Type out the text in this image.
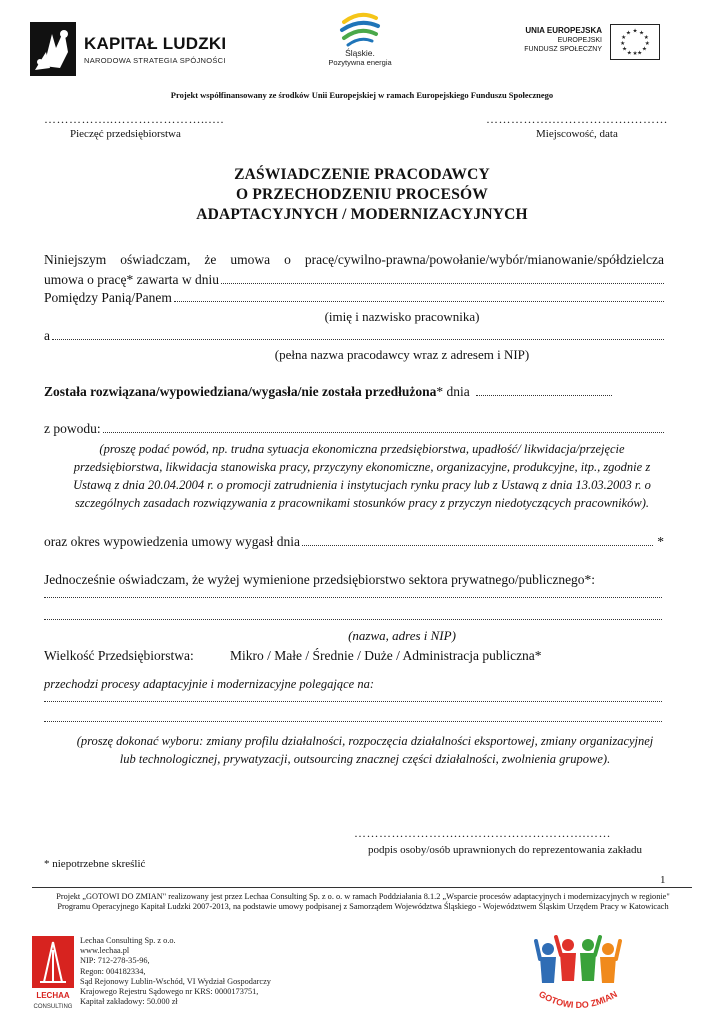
KAPITAŁ LUDZKI
NARODOWA STRATEGIA SPÓJNOŚCI
Śląskie.
Pozytywna energia
UNIA EUROPEJSKA
EUROPEJSKI
FUNDUSZ SPOŁECZNY
★ ★
★
★
★
★
★
★
★
★
★
★
Projekt współfinansowany ze środków Unii Europejskiej w ramach Europejskiego Funduszu Społecznego
……………..…………………..….
Pieczęć przedsiębiorstwa
…………….……………….………
Miejscowość, data
ZAŚWIADCZENIE PRACODAWCY
O PRZECHODZENIU PROCESÓW
ADAPTACYJNYCH / MODERNIZACYJNYCH
Niniejszym oświadczam, że umowa o pracę/cywilno-prawna/powołanie/wybór/mianowanie/spółdzielcza
umowa o pracę* zawarta w dniu
Pomiędzy Panią/Panem
(imię i nazwisko pracownika)
a
(pełna nazwa pracodawcy wraz z adresem i NIP)
Została rozwiązana/wypowiedziana/wygasła/nie została przedłużona * dnia
z powodu:
(proszę podać powód, np. trudna sytuacja ekonomiczna przedsiębiorstwa, upadłość/ likwidacja/przejęcie przedsiębiorstwa, likwidacja stanowiska pracy, przyczyny ekonomiczne, organizacyjne, produkcyjne, itp., zgodnie z Ustawą z dnia 20.04.2004 r. o promocji zatrudnienia i instytucjach rynku pracy lub z Ustawą z dnia 13.03.2003 r. o szczególnych zasadach rozwiązywania z pracownikami stosunków pracy z przyczyn niedotyczących pracowników).
oraz okres wypowiedzenia umowy wygasł dnia	*
Jednocześnie oświadczam, że wyżej wymienione przedsiębiorstwo sektora prywatnego/publicznego*:
(nazwa, adres i NIP)
Wielkość Przedsiębiorstwa:	Mikro / Małe / Średnie / Duże / Administracja publiczna*
przechodzi procesy adaptacyjnie i modernizacyjne polegające na:
(proszę dokonać wyboru: zmiany profilu działalności, rozpoczęcia działalności eksportowej, zmiany organizacyjnej lub technologicznej, prywatyzacji, outsourcing znacznej części działalności, zwolnienia grupowe).
…………………….………………………….……
podpis osoby/osób uprawnionych do reprezentowania zakładu
* niepotrzebne skreślić
1
Projekt „GOTOWI DO ZMIAN" realizowany jest przez Lechaa Consulting Sp. z o. o. w ramach Poddziałania 8.1.2 „Wsparcie procesów adaptacyjnych i modernizacyjnych w regionie" Programu Operacyjnego Kapitał Ludzki 2007-2013, na podstawie umowy podpisanej z Samorządem Województwa Śląskiego - Województwem Śląskim Urzędem Pracy w Katowicach
LECHAA
CONSULTING
Lechaa Consulting Sp. z o.o.
www.lechaa.pl
NIP: 712-278-35-96,
Regon: 004182334,
Sąd Rejonowy Lublin-Wschód, VI Wydział Gospodarczy
Krajowego Rejestru Sądowego nr KRS: 0000173751,
Kapitał zakładowy: 50.000 zł
GOTOWI DO ZMIAN
